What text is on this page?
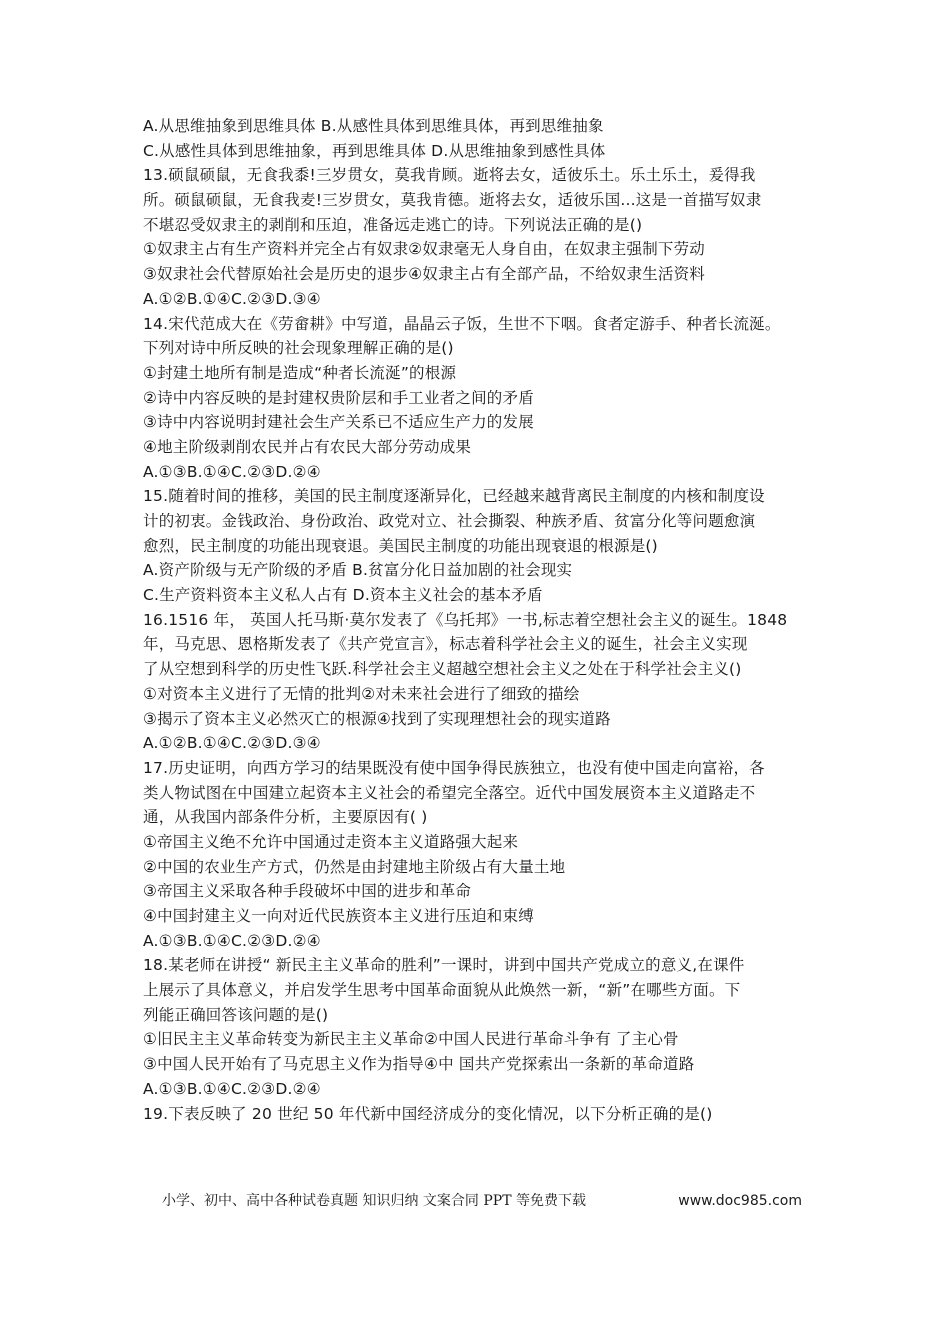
A.从思维抽象到思维具体 B.从感性具体到思维具体，再到思维抽象
C.从感性具体到思维抽象，再到思维具体 D.从思维抽象到感性具体
13.硕鼠硕鼠，无食我黍!三岁贯女，莫我肯顾。逝将去女，适彼乐土。乐土乐土，爰得我
所。硕鼠硕鼠，无食我麦!三岁贯女，莫我肯德。逝将去女，适彼乐国...这是一首描写奴隶
不堪忍受奴隶主的剥削和压迫，准备远走逃亡的诗。下列说法正确的是()
①奴隶主占有生产资料并完全占有奴隶②奴隶毫无人身自由，在奴隶主强制下劳动
③奴隶社会代替原始社会是历史的退步④奴隶主占有全部产品，不给奴隶生活资料
A.①②B.①④C.②③D.③④
14.宋代范成大在《劳畲耕》中写道，晶晶云子饭，生世不下咽。食者定游手、种者长流涎。
下列对诗中所反映的社会现象理解正确的是()
①封建土地所有制是造成“种者长流涎”的根源
②诗中内容反映的是封建权贵阶层和手工业者之间的矛盾
③诗中内容说明封建社会生产关系已不适应生产力的发展
④地主阶级剥削农民并占有农民大部分劳动成果
A.①③B.①④C.②③D.②④
15.随着时间的推移，美国的民主制度逐渐异化，已经越来越背离民主制度的内核和制度设
计的初衷。金钱政治、身份政治、政党对立、社会撕裂、种族矛盾、贫富分化等问题愈演
愈烈，民主制度的功能出现衰退。美国民主制度的功能出现衰退的根源是()
A.资产阶级与无产阶级的矛盾 B.贫富分化日益加剧的社会现实
C.生产资料资本主义私人占有 D.资本主义社会的基本矛盾
16.1516 年， 英国人托马斯·莫尔发表了《乌托邦》一书,标志着空想社会主义的诞生。1848
年，马克思、恩格斯发表了《共产党宣言》，标志着科学社会主义的诞生，社会主义实现
了从空想到科学的历史性飞跃.科学社会主义超越空想社会主义之处在于科学社会主义()
①对资本主义进行了无情的批判②对未来社会进行了细致的描绘
③揭示了资本主义必然灭亡的根源④找到了实现理想社会的现实道路
A.①②B.①④C.②③D.③④
17.历史证明，向西方学习的结果既没有使中国争得民族独立，也没有使中国走向富裕，各
类人物试图在中国建立起资本主义社会的希望完全落空。近代中国发展资本主义道路走不
通，从我国内部条件分析，主要原因有( )
①帝国主义绝不允许中国通过走资本主义道路强大起来
②中国的农业生产方式，仍然是由封建地主阶级占有大量土地
③帝国主义采取各种手段破坏中国的进步和革命
④中国封建主义一向对近代民族资本主义进行压迫和束缚
A.①③B.①④C.②③D.②④
18.某老师在讲授“ 新民主主义革命的胜利”一课时，讲到中国共产党成立的意义,在课件
上展示了具体意义，并启发学生思考中国革命面貌从此焕然一新，“新”在哪些方面。下
列能正确回答该问题的是()
①旧民主主义革命转变为新民主主义革命②中国人民进行革命斗争有 了主心骨
③中国人民开始有了马克思主义作为指导④中 国共产党探索出一条新的革命道路
A.①③B.①④C.②③D.②④
19.下表反映了 20 世纪 50 年代新中国经济成分的变化情况，以下分析正确的是()
小学、初中、高中各种试卷真题 知识归纳 文案合同 PPT 等免费下载	www.doc985.com
